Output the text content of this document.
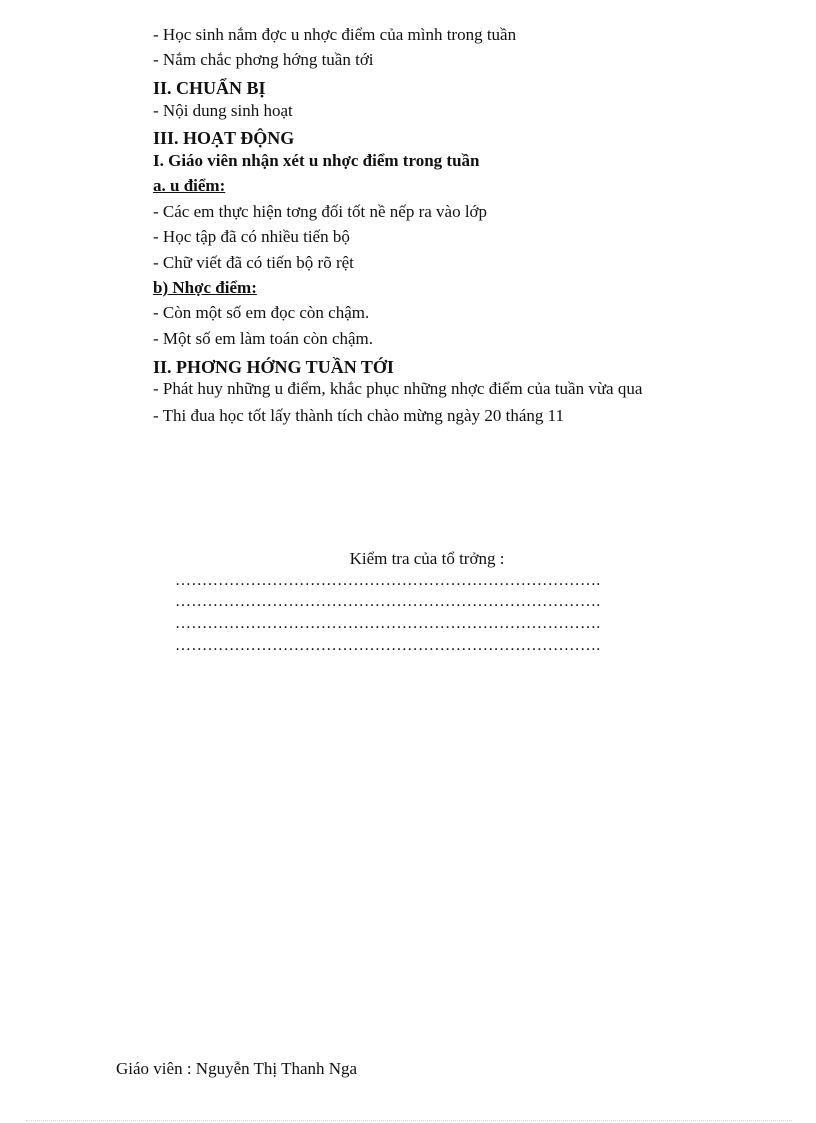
- Học sinh nắm đợc u nhợc điểm của mình trong tuần
- Nắm chắc phơng hớng tuần tới
II. CHUẨN BỊ
- Nội dung sinh hoạt
III. HOẠT ĐỘNG
I. Giáo viên nhận xét u nhợc điểm trong tuần
a. u điểm:
- Các em thực hiện tơng đối tốt nề nếp ra vào lớp
- Học tập đã có nhiều tiến bộ
- Chữ viết đã có tiến bộ rõ rệt
b) Nhợc điểm:
- Còn một số em đọc còn chậm.
- Một số em làm toán còn chậm.
II. PHƠNG HỚNG TUẦN TỚI
- Phát huy những u điểm, khắc phục những nhợc điểm của tuần vừa qua
- Thi đua học tốt lấy thành tích chào mừng ngày 20 tháng 11
Kiểm tra của tổ trởng :
…………………………………………………………………….
…………………………………………………………………….
…………………………………………………………………….
…………………………………………………………………….
Giáo viên : Nguyễn Thị Thanh Nga
